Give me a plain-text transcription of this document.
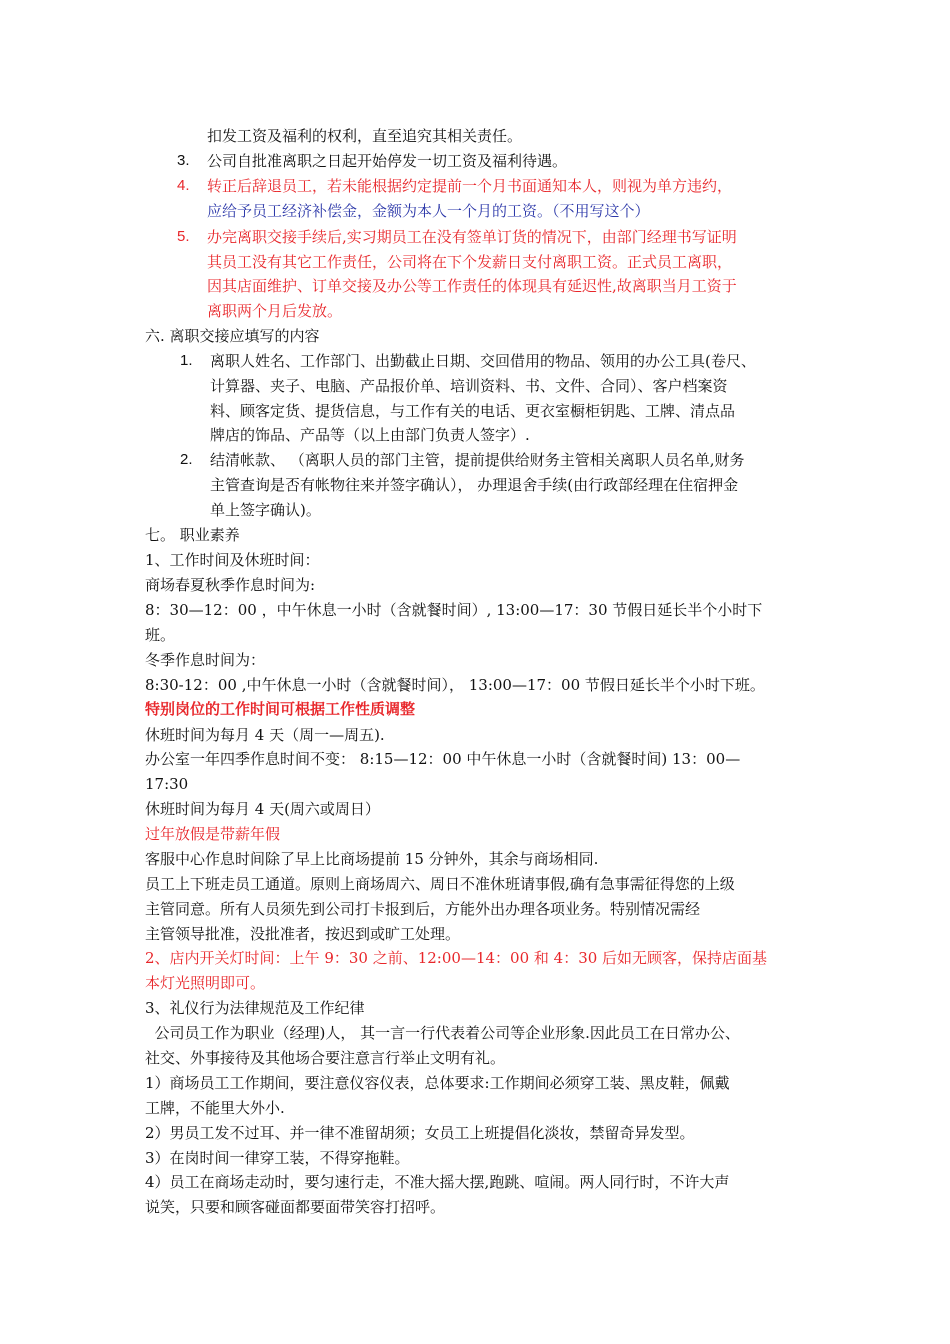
扣发工资及福利的权利，直至追究其相关责任。
3. 公司自批准离职之日起开始停发一切工资及福利待遇。
4. 转正后辞退员工，若未能根据约定提前一个月书面通知本人，则视为单方违约，
应给予员工经济补偿金，金额为本人一个月的工资。（不用写这个）
5. 办完离职交接手续后,实习期员工在没有签单订货的情况下，由部门经理书写证明
其员工没有其它工作责任，公司将在下个发薪日支付离职工资。正式员工离职，
因其店面维护、订单交接及办公等工作责任的体现具有延迟性,故离职当月工资于
离职两个月后发放。
六. 离职交接应填写的内容
1. 离职人姓名、工作部门、出勤截止日期、交回借用的物品、领用的办公工具(卷尺、
计算器、夹子、电脑、产品报价单、培训资料、书、文件、合同）、客户档案资
料、顾客定货、提货信息，与工作有关的电话、更衣室橱柜钥匙、工牌、清点品
牌店的饰品、产品等（以上由部门负责人签字）.
2. 结清帐款、 （离职人员的部门主管，提前提供给财务主管相关离职人员名单,财务
主管查询是否有帐物往来并签字确认）， 办理退舍手续(由行政部经理在住宿押金
单上签字确认)。
七。 职业素养
1、工作时间及休班时间：
商场春夏秋季作息时间为:
8：30—12：00 ，中午休息一小时（含就餐时间）, 13:00—17：30 节假日延长半个小时下
班。
冬季作息时间为：
8:30-12：00 ,中午休息一小时（含就餐时间）， 13:00—17：00 节假日延长半个小时下班。
特别岗位的工作时间可根据工作性质调整
休班时间为每月 4 天（周一—周五).
办公室一年四季作息时间不变： 8:15—12：00 中午休息一小时（含就餐时间) 13：00—
17:30
休班时间为每月 4 天(周六或周日）
过年放假是带薪年假
客服中心作息时间除了早上比商场提前 15 分钟外，其余与商场相同.
员工上下班走员工通道。原则上商场周六、周日不准休班请事假,确有急事需征得您的上级
主管同意。所有人员须先到公司打卡报到后，方能外出办理各项业务。特别情况需经
主管领导批准，没批准者，按迟到或旷工处理。
2、店内开关灯时间：上午 9：30 之前、12:00—14：00 和 4：30 后如无顾客，保持店面基
本灯光照明即可。
3、礼仪行为法律规范及工作纪律
公司员工作为职业（经理)人， 其一言一行代表着公司等企业形象.因此员工在日常办公、
社交、外事接待及其他场合要注意言行举止文明有礼。
1）商场员工工作期间，要注意仪容仪表，总体要求:工作期间必须穿工装、黑皮鞋，佩戴
工牌，不能里大外小.
2）男员工发不过耳、并一律不准留胡须；女员工上班提倡化淡妆，禁留奇异发型。
3）在岗时间一律穿工装，不得穿拖鞋。
4）员工在商场走动时，要匀速行走，不准大摇大摆,跑跳、喧闹。两人同行时，不许大声
说笑，只要和顾客碰面都要面带笑容打招呼。
